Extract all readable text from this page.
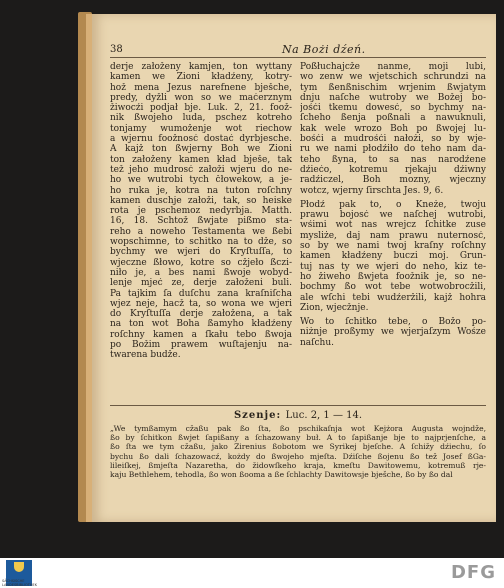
38	Na Bożi dźeń.
derje załoženy kamjen, ton wyttany
kamen we Zioni kładźeny, kotry-
hož mena Jezus narefnene bješche,
predy, dyžli won so we maćerznym
žiwocźi podjał bje. Luk. 2, 21. foož-
nik ßwojeho luda, pschez kotreho
tonjamy wumoženje wot riechow
a wjernu foožnosć dostać dyrbjesche.
A kajž ton ßwjerny Boh we Zioni
ton załoženy kamen kład bješe, tak
tež jeho mudrosć załoži wjeru do ne-
ho we wutrobi tych čłowekow, a je-
ho ruka je, kotra na tuton roſchny
kamen duschje załoži, tak, so heiske
rota je pschemoz nedyrbja. Matth.
16, 18. Schtož ßwjate pißmo sta-
reho a noweho Testamenta we ßebi
wopschimne, to schitko na to dže, so
bychmy we wjeri do Kryſtuſſa, to
wjeczne ßłowo, kotre so cžjeło ßczi-
niło je, a bes nami ßwoje wobyd-
lenje mjeć ze, derje załoženi buli.
Pa tajkim ſa duſchu zana kraſniſcha
wjez neje, hacž ta, so wona we wjeri
do Kryſtuſſa derje załožena, a tak
na ton wot Boha ßamyho kładźeny
roſchny kamen a ſkału tebo ßwoja
po Božim prawem wuſtajenju na-
twarena budže.
Poßłuchajcže nanme, moji lubi,
wo zenw we wjetschich schrundzi na
tym ßenßnischim wrjenim ßwjatym
dnju naſche wutroby we Božej bo-
jośći tkemu dowesć, so bychmy na-
ſcheho ßenja poßnali a nawuknuli,
kak wele wrozo Boh po ßwojej lu-
bośći a mudrośći nałożi, so by wje-
ru we nami płodźiło do teho nam da-
teho ßyna, to sa nas narodźene
dźiećo, kotremu rjekaju dźiwny
radźiczel, Boh mozny, wjeczny
wotcz, wjerny ſirschta Jes. 9, 6.
Płodź pak to, o Kneże, twoju
prawu bojosć we naſchej wutrobi,
wśimi wot nas wrejcz ſchitke zuse
mysliże, daj nam prawu nuternosć,
so by we nami twoj kraſny roſchny
kamen kładźeny buczi moj. Grun-
tuj nas ty we wjeri do neho, kiz te-
ho žiweho ßwjeta foožnik je, so ne-
bochmy ßo wot tebe wotwobrocžili,
ale wſchi tebi wudźeržili, kajž hohra
Zion, wjecžnje.
Wo to ſchitko tebe, o Božo po-
niżnje proßymy we wjerjaſzym Wośze
naſchu.
Szenje: Luc. 2, 1 — 14.
„We tymßamym cžaßu pak ßo ſta, ßo pschikaſnja wot Kejżora Augusta wojndže,
ßo by ſchitkon ßwjet ſapißany a ſchazowany buł. A to ſapißanje bje to najprjenſche, a
ßo ſta we tym cžaßu, jako Zirenius ßobotom we Syrikej bjeſche. A ſchižy dźiechu, ſo
bychu ßo dali ſchazowacź, kożdy do ßwojeho mjeſta. Dźiſche ßojenu ßo tež Josef ßGa-
lileiſkej, ßmjeſta Nazaretha, do židowſkeho kraja, kmeſtu Dawitowemu, kotremuß rje-
kaju Bethlehem, tehodla, ßo won ßooma a ße ſchlachty Dawitowsje bješche, ßo by ßo dal
SÄCHSISCHE LANDESBIBLIOTHEK
DFG
